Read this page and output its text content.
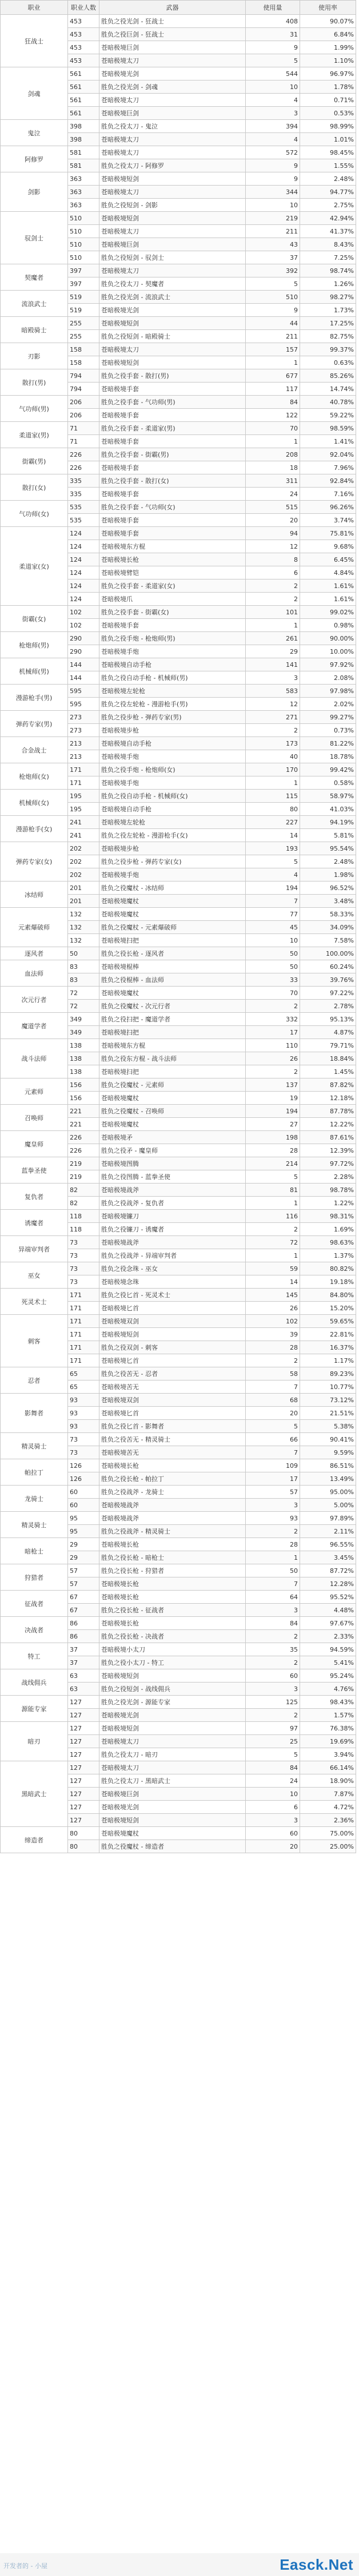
职业	职业人数	武器	使用量	使用率
狂战士	453	胜负之役光剑 - 狂战士	408	90.07%
	453	胜负之役巨剑 - 狂战士	31	6.84%
	453	苍暗极境巨剑	9	1.99%
	453	苍暗极境太刀	5	1.10%
剑魂	561	苍暗极境光剑	544	96.97%
	561	胜负之役光剑 - 剑魂	10	1.78%
	561	苍暗极境太刀	4	0.71%
	561	苍暗极境巨剑	3	0.53%
鬼泣	398	胜负之役太刀 - 鬼泣	394	98.99%
	398	苍暗极境太刀	4	1.01%
阿修罗	581	苍暗极境太刀	572	98.45%
	581	胜负之役太刀 - 阿修罗	9	1.55%
剑影	363	苍暗极境短剑	9	2.48%
	363	苍暗极境太刀	344	94.77%
	363	胜负之役短剑 - 剑影	10	2.75%
驭剑士	510	苍暗极境短剑	219	42.94%
	510	苍暗极境太刀	211	41.37%
	510	苍暗极境巨剑	43	8.43%
	510	胜负之役短剑 - 驭剑士	37	7.25%
契魔者	397	苍暗极境太刀	392	98.74%
	397	胜负之役太刀 - 契魔者	5	1.26%
流浪武士	519	胜负之役光剑 - 流浪武士	510	98.27%
	519	苍暗极境光剑	9	1.73%
暗殿骑士	255	苍暗极境短剑	44	17.25%
	255	胜负之役短剑 - 暗殿骑士	211	82.75%
刃影	158	苍暗极境太刀	157	99.37%
	158	苍暗极境短剑	1	0.63%
散打(男)	794	胜负之役手套 - 散打(男)	677	85.26%
	794	苍暗极境手套	117	14.74%
气功师(男)	206	胜负之役手套 - 气功师(男)	84	40.78%
	206	苍暗极境手套	122	59.22%
柔道家(男)	71	胜负之役手套 - 柔道家(男)	70	98.59%
	71	苍暗极境手套	1	1.41%
街霸(男)	226	胜负之役手套 - 街霸(男)	208	92.04%
	226	苍暗极境手套	18	7.96%
散打(女)	335	胜负之役手套 - 散打(女)	311	92.84%
	335	苍暗极境手套	24	7.16%
气功师(女)	535	胜负之役手套 - 气功师(女)	515	96.26%
	535	苍暗极境手套	20	3.74%
柔道家(女)	124	苍暗极境手套	94	75.81%
	124	苍暗极境东方棍	12	9.68%
	124	苍暗极境长枪	8	6.45%
	124	苍暗极境臂铠	6	4.84%
	124	胜负之役手套 - 柔道家(女)	2	1.61%
	124	苍暗极境爪	2	1.61%
街霸(女)	102	胜负之役手套 - 街霸(女)	101	99.02%
	102	苍暗极境手套	1	0.98%
枪炮师(男)	290	胜负之役手炮 - 枪炮师(男)	261	90.00%
	290	苍暗极境手炮	29	10.00%
机械师(男)	144	苍暗极境自动手枪	141	97.92%
	144	胜负之役自动手枪 - 机械师(男)	3	2.08%
漫游枪手(男)	595	苍暗极境左轮枪	583	97.98%
	595	胜负之役左轮枪 - 漫游枪手(男)	12	2.02%
弹药专家(男)	273	胜负之役步枪 - 弹药专家(男)	271	99.27%
	273	苍暗极境步枪	2	0.73%
合金战士	213	苍暗极境自动手枪	173	81.22%
	213	苍暗极境手炮	40	18.78%
枪炮师(女)	171	胜负之役手炮 - 枪炮师(女)	170	99.42%
	171	苍暗极境手炮	1	0.58%
机械师(女)	195	胜负之役自动手枪 - 机械师(女)	115	58.97%
	195	苍暗极境自动手枪	80	41.03%
漫游枪手(女)	241	苍暗极境左轮枪	227	94.19%
	241	胜负之役左轮枪 - 漫游枪手(女)	14	5.81%
弹药专家(女)	202	苍暗极境步枪	193	95.54%
	202	胜负之役步枪 - 弹药专家(女)	5	2.48%
	202	苍暗极境手炮	4	1.98%
冰结师	201	胜负之役魔杖 - 冰结师	194	96.52%
	201	苍暗极境魔杖	7	3.48%
元素爆破师	132	苍暗极境魔杖	77	58.33%
	132	胜负之役魔杖 - 元素爆破师	45	34.09%
	132	苍暗极境扫把	10	7.58%
逐风者	50	胜负之役长枪 - 逐风者	50	100.00%
血法师	83	苍暗极境棍棒	50	60.24%
	83	胜负之役棍棒 - 血法师	33	39.76%
次元行者	72	苍暗极境魔杖	70	97.22%
	72	胜负之役魔杖 - 次元行者	2	2.78%
魔道学者	349	胜负之役扫把 - 魔道学者	332	95.13%
	349	苍暗极境扫把	17	4.87%
战斗法师	138	苍暗极境东方棍	110	79.71%
	138	胜负之役东方棍 - 战斗法师	26	18.84%
	138	苍暗极境扫把	2	1.45%
元素师	156	胜负之役魔杖 - 元素师	137	87.82%
	156	苍暗极境魔杖	19	12.18%
召唤师	221	胜负之役魔杖 - 召唤师	194	87.78%
	221	苍暗极境魔杖	27	12.22%
魔皇师	226	苍暗极境矛	198	87.61%
	226	胜负之役矛 - 魔皇师	28	12.39%
蓝拳圣使	219	苍暗极境图腾	214	97.72%
	219	胜负之役图腾 - 蓝拳圣使	5	2.28%
复仇者	82	苍暗极境战斧	81	98.78%
	82	胜负之役战斧 - 复仇者	1	1.22%
诱魔者	118	苍暗极境镰刀	116	98.31%
	118	胜负之役镰刀 - 诱魔者	2	1.69%
异端审判者	73	苍暗极境战斧	72	98.63%
	73	胜负之役战斧 - 异端审判者	1	1.37%
巫女	73	胜负之役念珠 - 巫女	59	80.82%
	73	苍暗极境念珠	14	19.18%
死灵术士	171	胜负之役匕首 - 死灵术士	145	84.80%
	171	苍暗极境匕首	26	15.20%
刺客	171	苍暗极境双剑	102	59.65%
	171	苍暗极境短剑	39	22.81%
	171	胜负之役双剑 - 刺客	28	16.37%
	171	苍暗极境匕首	2	1.17%
忍者	65	胜负之役苦无 - 忍者	58	89.23%
	65	苍暗极境苦无	7	10.77%
影舞者	93	苍暗极境双剑	68	73.12%
	93	苍暗极境匕首	20	21.51%
	93	胜负之役匕首 - 影舞者	5	5.38%
精灵骑士	73	胜负之役苦无 - 精灵骑士	66	90.41%
	73	苍暗极境苦无	7	9.59%
帕拉丁	126	苍暗极境长枪	109	86.51%
	126	胜负之役长枪 - 帕拉丁	17	13.49%
龙骑士	60	胜负之役战斧 - 龙骑士	57	95.00%
	60	苍暗极境战斧	3	5.00%
精灵骑士	95	苍暗极境战斧	93	97.89%
	95	胜负之役战斧 - 精灵骑士	2	2.11%
暗枪士	29	苍暗极境长枪	28	96.55%
	29	胜负之役长枪 - 暗枪士	1	3.45%
狩猎者	57	胜负之役长枪 - 狩猎者	50	87.72%
	57	苍暗极境长枪	7	12.28%
征战者	67	苍暗极境长枪	64	95.52%
	67	胜负之役长枪 - 征战者	3	4.48%
决战者	86	苍暗极境长枪	84	97.67%
	86	胜负之役长枪 - 决战者	2	2.33%
特工	37	苍暗极境小太刀	35	94.59%
	37	胜负之役小太刀 - 特工	2	5.41%
战线佣兵	63	苍暗极境短剑	60	95.24%
	63	胜负之役短剑 - 战线佣兵	3	4.76%
源能专家	127	胜负之役光剑 - 源能专家	125	98.43%
	127	苍暗极境光剑	2	1.57%
暗刃	127	苍暗极境短剑	97	76.38%
	127	苍暗极境太刀	25	19.69%
	127	胜负之役太刀 - 暗刃	5	3.94%
黑暗武士	127	苍暗极境太刀	84	66.14%
	127	胜负之役太刀 - 黑暗武士	24	18.90%
	127	苍暗极境巨剑	10	7.87%
	127	苍暗极境光剑	6	4.72%
	127	苍暗极境短剑	3	2.36%
缔造者	80	苍暗极境魔杖	60	75.00%
	80	胜负之役魔杖 - 缔造者	20	25.00%
开发者的 - 小屋	Easck.Net
